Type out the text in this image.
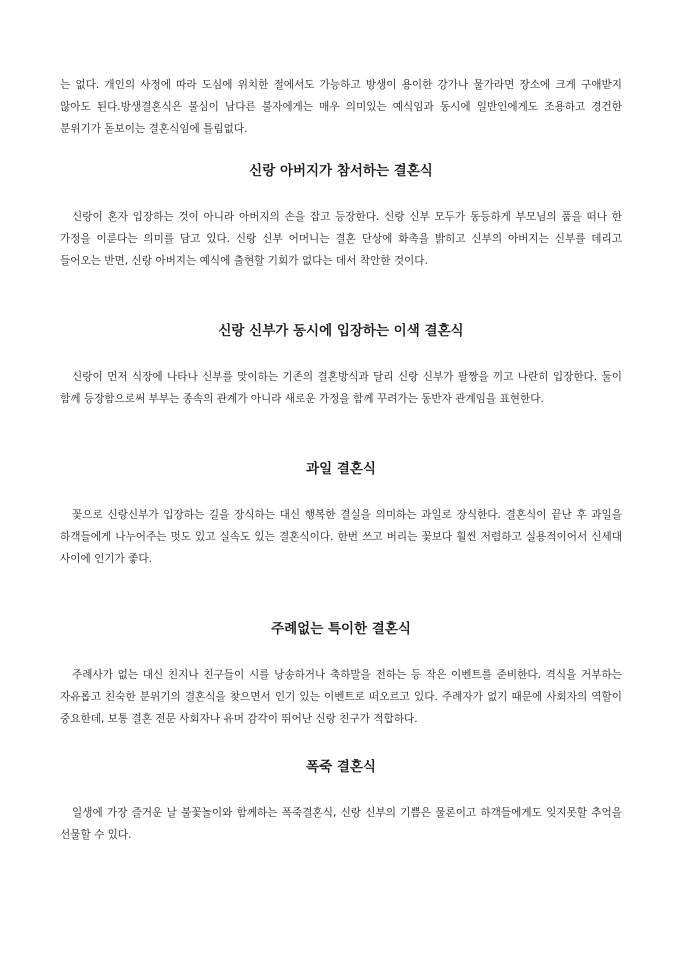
는 없다. 개인의 사정에 따라 도심에 위치한 절에서도 가능하고 방생이 용이한 강가나 물가라면 장소에 크게 구애받지 않아도 된다.방생결혼식은 불심이 남다른 불자에게는 매우 의미있는 예식임과 동시에 일반인에게도 조용하고 경건한 분위기가 돋보이는 결혼식임에 틀림없다.

신랑 아버지가 참서하는 결혼식

신랑이 혼자 입장하는 것이 아니라 아버지의 손을 잡고 등장한다. 신랑 신부 모두가 동등하게 부모님의 품을 떠나 한 가정을 이룬다는 의미를 담고 있다. 신랑 신부 어머니는 결혼 단상에 화촉을 밝히고 신부의 아버지는 신부를 데리고 들어오는 반면, 신랑 아버지는 예식에 출현할 기회가 없다는 데서 착안한 것이다.

신랑 신부가 동시에 입장하는 이색 결혼식

신랑이 먼저 식장에 나타나 신부를 맞이하는 기존의 결혼방식과 달리 신랑 신부가 팔짱을 끼고 나란히 입장한다. 둘이 함께 등장함으로써 부부는 종속의 관계가 아니라 새로운 가정을 함께 꾸려가는 동반자 관계임을 표현한다.

과일 결혼식

꽃으로 신랑신부가 입장하는 길을 장식하는 대신 행복한 결실을 의미하는 과일로 장식한다. 결혼식이 끝난 후 과일을 하객들에게 나누어주는 멋도 있고 실속도 있는 결혼식이다. 한번 쓰고 버리는 꽃보다 훨씬 저렴하고 실용적이어서 신세대 사이에 인기가 좋다.

주례없는 특이한 결혼식

주례사가 없는 대신 친지나 친구들이 시를 낭송하거나 축하말을 전하는 등 작은 이벤트를 준비한다. 격식을 거부하는 자유롭고 친숙한 분위기의 결혼식을 찾으면서 인기 있는 이벤트로 떠오르고 있다. 주례자가 없기 때문에 사회자의 역할이 중요한데, 보통 결혼 전문 사회자나 유머 감각이 뛰어난 신랑 친구가 적합하다.

폭죽 결혼식

일생에 가장 즐거운 날 불꽃놀이와 함께하는 폭죽결혼식, 신랑 신부의 기쁨은 물론이고 하객들에게도 잊지못할 추억을 선물할 수 있다.
